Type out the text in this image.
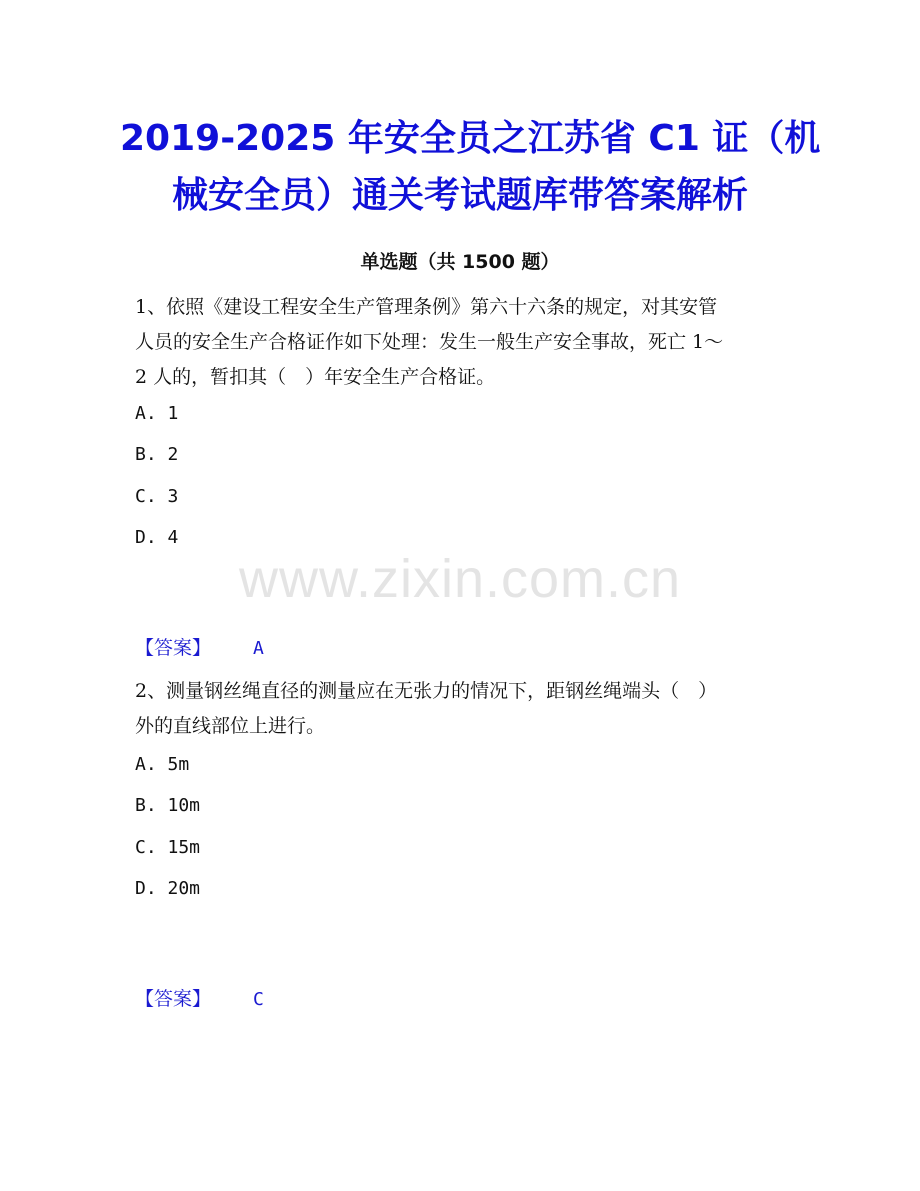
2019-2025 年安全员之江苏省 C1 证（机
械安全员）通关考试题库带答案解析
单选题（共 1500 题）
1、依照《建设工程安全生产管理条例》第六十六条的规定，对其安管
人员的安全生产合格证作如下处理：发生一般生产安全事故，死亡 1～
2 人的，暂扣其（　）年安全生产合格证。
A. 1
B. 2
C. 3
D. 4
www.zixin.com.cn
【答案】 A
2、测量钢丝绳直径的测量应在无张力的情况下，距钢丝绳端头（　）
外的直线部位上进行。
A. 5m
B. 10m
C. 15m
D. 20m
【答案】 C
